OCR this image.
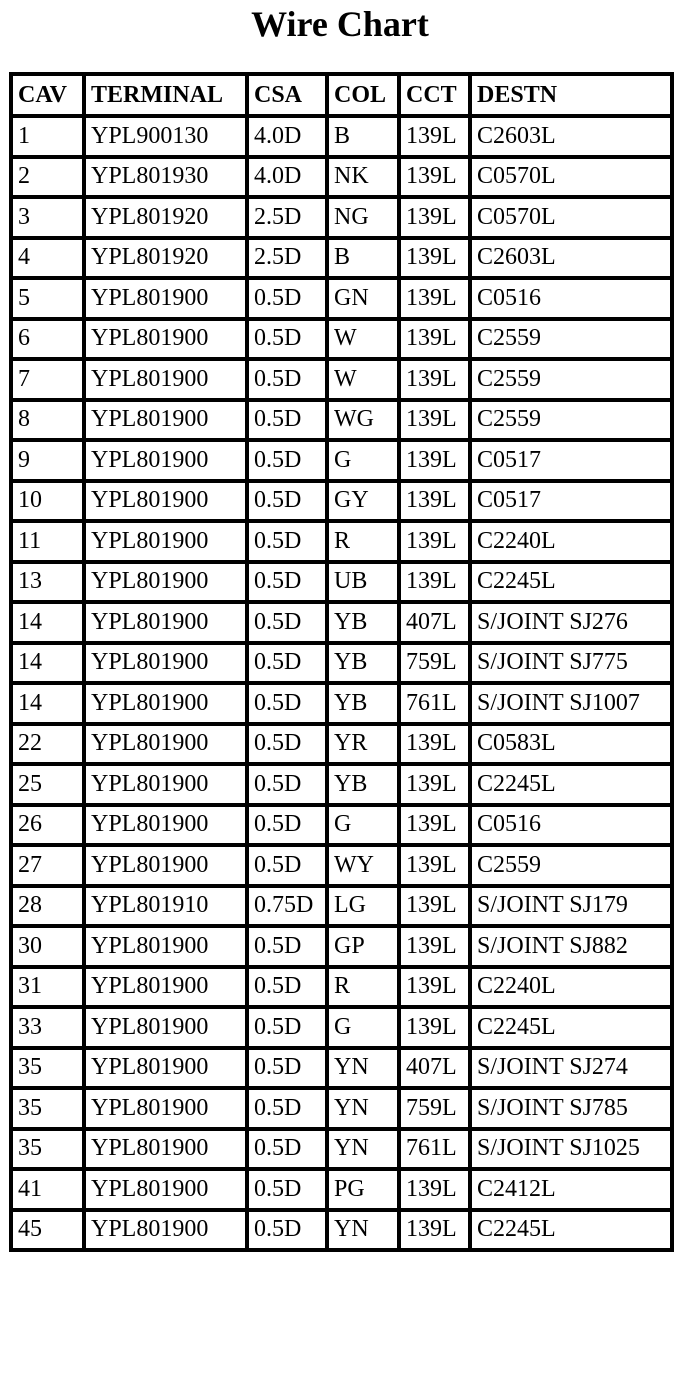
Wire Chart
CAV	TERMINAL	CSA	COL	CCT	DESTN
1	YPL900130	4.0D	B	139L	C2603L
2	YPL801930	4.0D	NK	139L	C0570L
3	YPL801920	2.5D	NG	139L	C0570L
4	YPL801920	2.5D	B	139L	C2603L
5	YPL801900	0.5D	GN	139L	C0516
6	YPL801900	0.5D	W	139L	C2559
7	YPL801900	0.5D	W	139L	C2559
8	YPL801900	0.5D	WG	139L	C2559
9	YPL801900	0.5D	G	139L	C0517
10	YPL801900	0.5D	GY	139L	C0517
11	YPL801900	0.5D	R	139L	C2240L
13	YPL801900	0.5D	UB	139L	C2245L
14	YPL801900	0.5D	YB	407L	S/JOINT SJ276
14	YPL801900	0.5D	YB	759L	S/JOINT SJ775
14	YPL801900	0.5D	YB	761L	S/JOINT SJ1007
22	YPL801900	0.5D	YR	139L	C0583L
25	YPL801900	0.5D	YB	139L	C2245L
26	YPL801900	0.5D	G	139L	C0516
27	YPL801900	0.5D	WY	139L	C2559
28	YPL801910	0.75D	LG	139L	S/JOINT SJ179
30	YPL801900	0.5D	GP	139L	S/JOINT SJ882
31	YPL801900	0.5D	R	139L	C2240L
33	YPL801900	0.5D	G	139L	C2245L
35	YPL801900	0.5D	YN	407L	S/JOINT SJ274
35	YPL801900	0.5D	YN	759L	S/JOINT SJ785
35	YPL801900	0.5D	YN	761L	S/JOINT SJ1025
41	YPL801900	0.5D	PG	139L	C2412L
45	YPL801900	0.5D	YN	139L	C2245L
